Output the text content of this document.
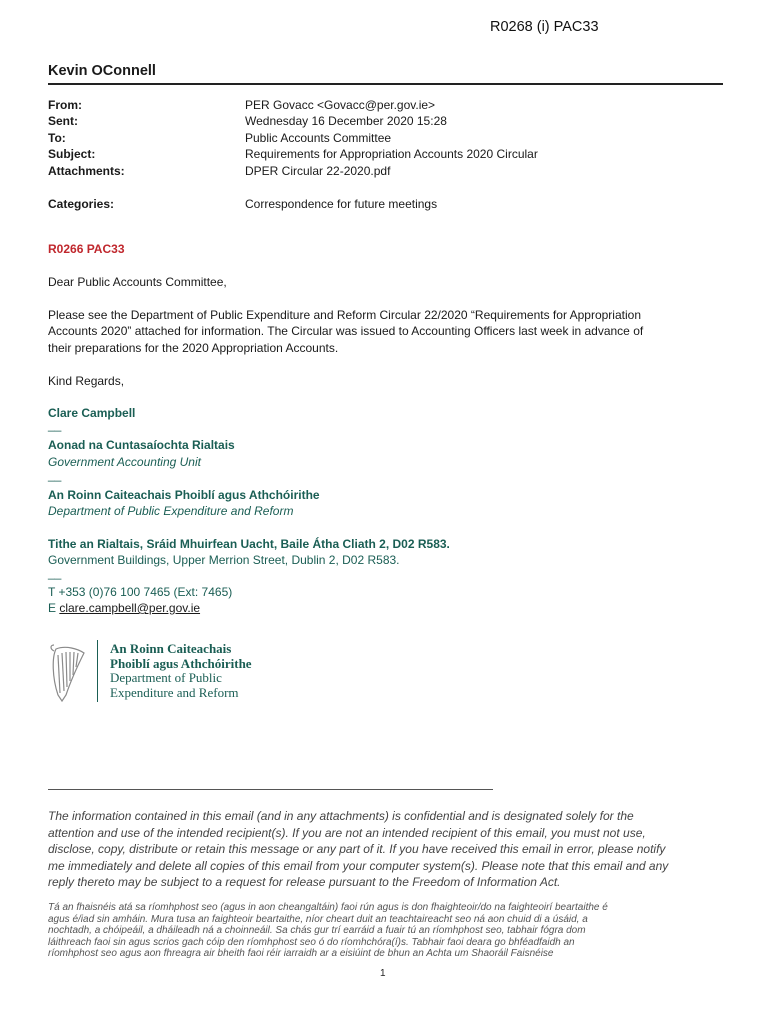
R0268 (i) PAC33
Kevin OConnell
From:	PER Govacc <Govacc@per.gov.ie>
Sent:	Wednesday 16 December 2020 15:28
To:	Public Accounts Committee
Subject:	Requirements for Appropriation Accounts 2020 Circular
Attachments:	DPER Circular 22-2020.pdf
Categories:	Correspondence for future meetings
R0266 PAC33
Dear Public Accounts Committee,
Please see the Department of Public Expenditure and Reform Circular 22/2020 “Requirements for Appropriation
Accounts 2020” attached for information. The Circular was issued to Accounting Officers last week in advance of
their preparations for the 2020 Appropriation Accounts.
Kind Regards,
Clare Campbell
__
Aonad na Cuntasaíochta Rialtais
Government Accounting Unit
__
An Roinn Caiteachais Phoiblí agus Athchóirithe
Department of Public Expenditure and Reform
Tithe an Rialtais, Sráid Mhuirfean Uacht, Baile Átha Cliath 2, D02 R583.
Government Buildings, Upper Merrion Street, Dublin 2, D02 R583.
__
T +353 (0)76 100 7465 (Ext: 7465)
E clare.campbell@per.gov.ie
An Roinn Caiteachais
Phoiblí agus Athchóirithe
Department of Public
Expenditure and Reform
The information contained in this email (and in any attachments) is confidential and is designated solely for the
attention and use of the intended recipient(s). If you are not an intended recipient of this email, you must not use,
disclose, copy, distribute or retain this message or any part of it. If you have received this email in error, please notify
me immediately and delete all copies of this email from your computer system(s). Please note that this email and any
reply thereto may be subject to a request for release pursuant to the Freedom of Information Act.
Tá an fhaisnéis atá sa ríomhphost seo (agus in aon cheangaltáin) faoi rún agus is don fhaighteoir/do na faighteoirí beartaithe é
agus é/iad sin amháin. Mura tusa an faighteoir beartaithe, níor cheart duit an teachtaireacht seo ná aon chuid di a úsáid, a
nochtadh, a chóipeáil, a dháileadh ná a choinneáil. Sa chás gur trí earráid a fuair tú an ríomhphost seo, tabhair fógra dom
láithreach faoi sin agus scrios gach cóip den ríomhphost seo ó do ríomhchóra(í)s. Tabhair faoi deara go bhféadfaidh an
ríomhphost seo agus aon fhreagra air bheith faoi réir iarraidh ar a eisiúint de bhun an Achta um Shaoráil Faisnéise
1
